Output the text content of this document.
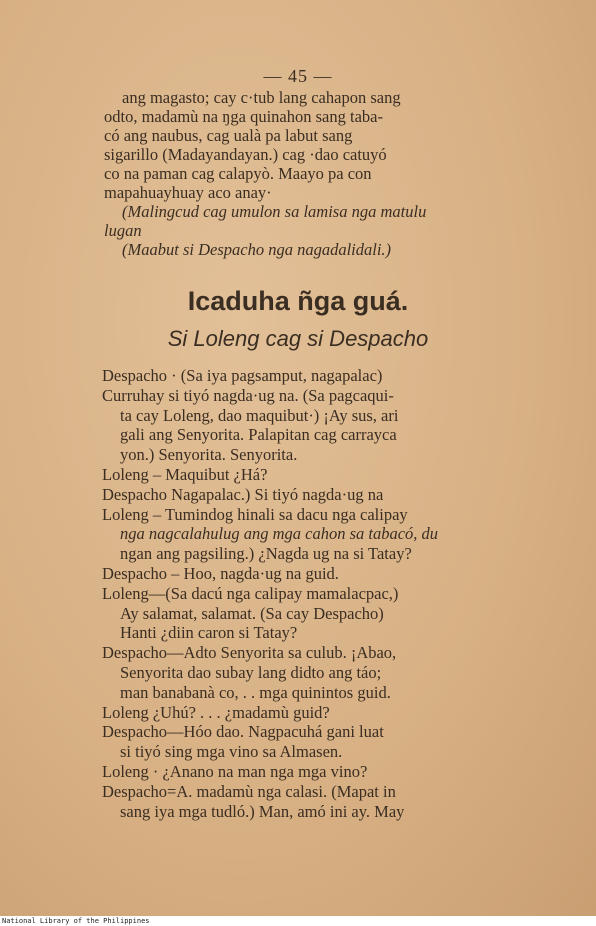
— 45 —
ang magasto; cay c·tub lang cahapon sang
odto, madamù na ŋga quinahon sang taba-
có ang naubus, cag ualà pa labut sang
sigarillo (Madayandayan.) cag ·dao catuyó
co na paman cag calapyò. Maayo pa con
mapahuayhuay aco anay·
(Malingcud cag umulon sa lamisa nga matulu
lugan
(Maabut si Despacho nga nagadalidali.)
Icaduha ñga guá.
Si Loleng cag si Despacho
Despacho · (Sa iya pagsamput, nagapalac)
Curruhay si tiyó nagda·ug na. (Sa pagcaqui-
ta cay Loleng, dao maquibut·) ¡Ay sus, ari
gali ang Senyorita. Palapitan cag carrayca
yon.) Senyorita. Senyorita.
Loleng – Maquibut ¿Há?
Despacho Nagapalac.) Si tiyó nagda·ug na
Loleng – Tumindog hinali sa dacu nga calipay
nga nagcalahulug ang mga cahon sa tabacó, du
ngan ang pagsiling.) ¿Nagda ug na si Tatay?
Despacho – Hoo, nagda·ug na guid.
Loleng—(Sa dacú nga calipay mamalacpac,)
Ay salamat, salamat. (Sa cay Despacho)
Hanti ¿diin caron si Tatay?
Despacho—Adto Senyorita sa culub. ¡Abao,
Senyorita dao subay lang didto ang táo;
man banabanà co, . . mga quinintos guid.
Loleng ¿Uhú? . . . ¿madamù guid?
Despacho—Hóo dao. Nagpacuhá gani luat
si tiyó sing mga vino sa Almasen.
Loleng · ¿Anano na man nga mga vino?
Despacho=A. madamù nga calasi. (Mapat in
sang iya mga tudló.) Man, amó ini ay. May
National Library of the Philippines
